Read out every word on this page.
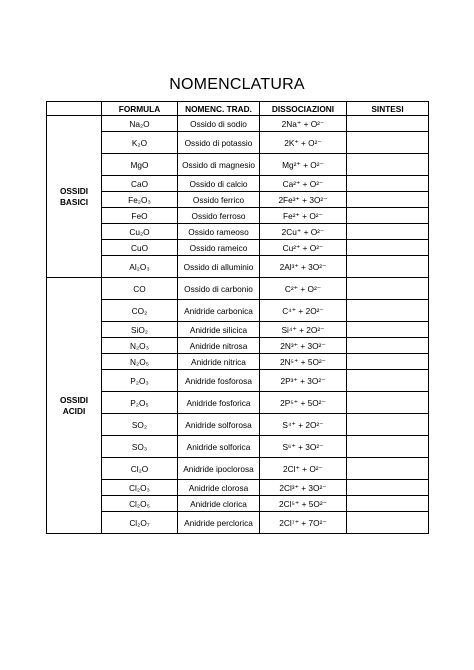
NOMENCLATURA
	FORMULA	NOMENC. TRAD.	DISSOCIAZIONI	SINTESI

OSSIDI
BASICI	Na₂O	Ossido di sodio	2Na⁺ + O²⁻	
	K₂O	Ossido di potassio	2K⁺ + O²⁻	
	MgO	Ossido di magnesio	Mg²⁺ + O²⁻	
	CaO	Ossido di calcio	Ca²⁺ + O²⁻	
	Fe₂O₃	Ossido ferrico	2Fe³⁺ + 3O²⁻	
	FeO	Ossido ferroso	Fe²⁺ + O²⁻	
	Cu₂O	Ossido rameoso	2Cu⁺ + O²⁻	
	CuO	Ossido rameico	Cu²⁺ + O²⁻	
	Al₂O₃	Ossido di alluminio	2Al³⁺ + 3O²⁻	

OSSIDI
ACIDI	CO	Ossido di carbonio	C²⁺ + O²⁻	
	CO₂	Anidride carbonica	C⁴⁺ + 2O²⁻	
	SiO₂	Anidride silicica	Si⁴⁺ + 2O²⁻	
	N₂O₃	Anidride nitrosa	2N³⁺ + 3O²⁻	
	N₂O₅	Anidride nitrica	2N⁵⁺ + 5O²⁻	
	P₂O₃	Anidride fosforosa	2P³⁺ + 3O²⁻	
	P₂O₅	Anidride fosforica	2P⁵⁺ + 5O²⁻	
	SO₂	Anidride solforosa	S⁴⁺ + 2O²⁻	
	SO₃	Anidride solforica	S⁶⁺ + 3O²⁻	
	Cl₂O	Anidride ipoclorosa	2Cl⁺ + O²⁻	
	Cl₂O₃	Anidride clorosa	2Cl³⁺ + 3O²⁻	
	Cl₂O₅	Anidride clorica	2Cl⁵⁺ + 5O²⁻	
	Cl₂O₇	Anidride perclorica	2Cl⁷⁺ + 7O²⁻	
